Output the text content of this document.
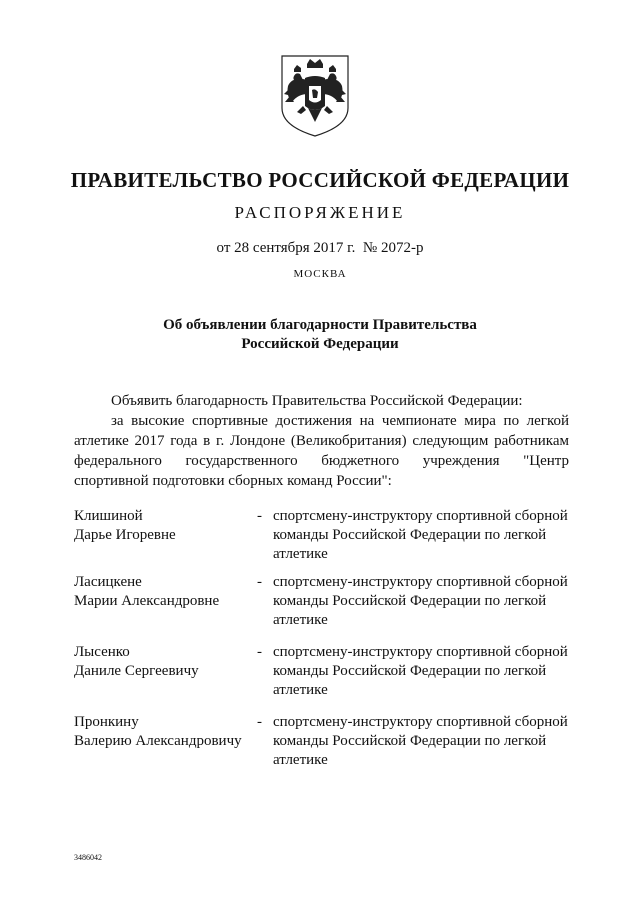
ПРАВИТЕЛЬСТВО РОССИЙСКОЙ ФЕДЕРАЦИИ
РАСПОРЯЖЕНИЕ
от 28 сентября 2017 г.  № 2072-р
МОСКВА
Об объявлении благодарности Правительства
Российской Федерации
Объявить благодарность Правительства Российской Федерации:
за высокие спортивные достижения на чемпионате мира по легкой
атлетике 2017 года в г. Лондоне (Великобритания) следующим работникам
федерального государственного бюджетного учреждения "Центр
спортивной подготовки сборных команд России":
Клишиной
Дарье Игоревне
- спортсмену-инструктору спортивной сборной
команды Российской Федерации по легкой
атлетике
Ласицкене
Марии Александровне
- спортсмену-инструктору спортивной сборной
команды Российской Федерации по легкой
атлетике
Лысенко
Даниле Сергеевичу
- спортсмену-инструктору спортивной сборной
команды Российской Федерации по легкой
атлетике
Пронкину
Валерию Александровичу
- спортсмену-инструктору спортивной сборной
команды Российской Федерации по легкой
атлетике
3486042
